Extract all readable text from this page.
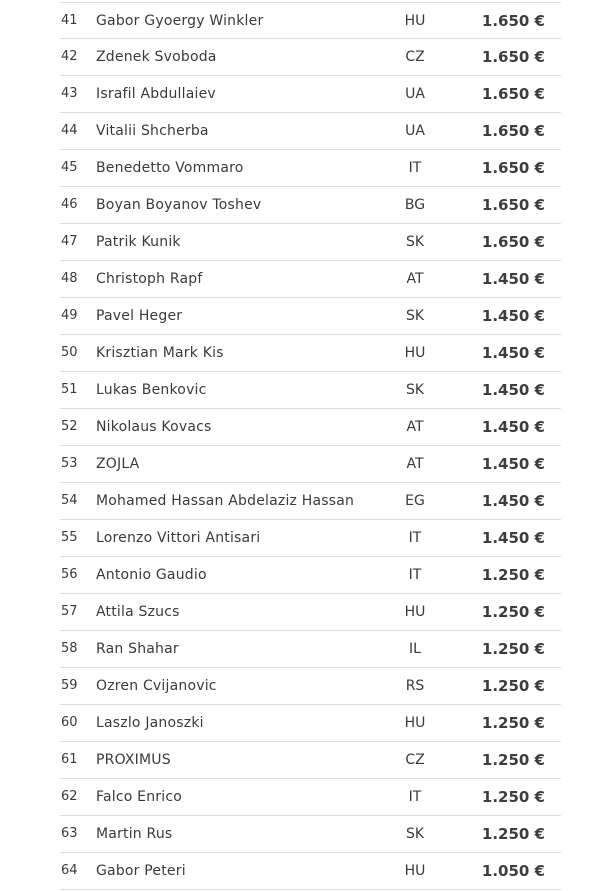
41	Gabor Gyoergy Winkler	HU	1.650 €
42	Zdenek Svoboda	CZ	1.650 €
43	Israfil Abdullaiev	UA	1.650 €
44	Vitalii Shcherba	UA	1.650 €
45	Benedetto Vommaro	IT	1.650 €
46	Boyan Boyanov Toshev	BG	1.650 €
47	Patrik Kunik	SK	1.650 €
48	Christoph Rapf	AT	1.450 €
49	Pavel Heger	SK	1.450 €
50	Krisztian Mark Kis	HU	1.450 €
51	Lukas Benkovic	SK	1.450 €
52	Nikolaus Kovacs	AT	1.450 €
53	ZOJLA	AT	1.450 €
54	Mohamed Hassan Abdelaziz Hassan	EG	1.450 €
55	Lorenzo Vittori Antisari	IT	1.450 €
56	Antonio Gaudio	IT	1.250 €
57	Attila Szucs	HU	1.250 €
58	Ran Shahar	IL	1.250 €
59	Ozren Cvijanovic	RS	1.250 €
60	Laszlo Janoszki	HU	1.250 €
61	PROXIMUS	CZ	1.250 €
62	Falco Enrico	IT	1.250 €
63	Martin Rus	SK	1.250 €
64	Gabor Peteri	HU	1.050 €
